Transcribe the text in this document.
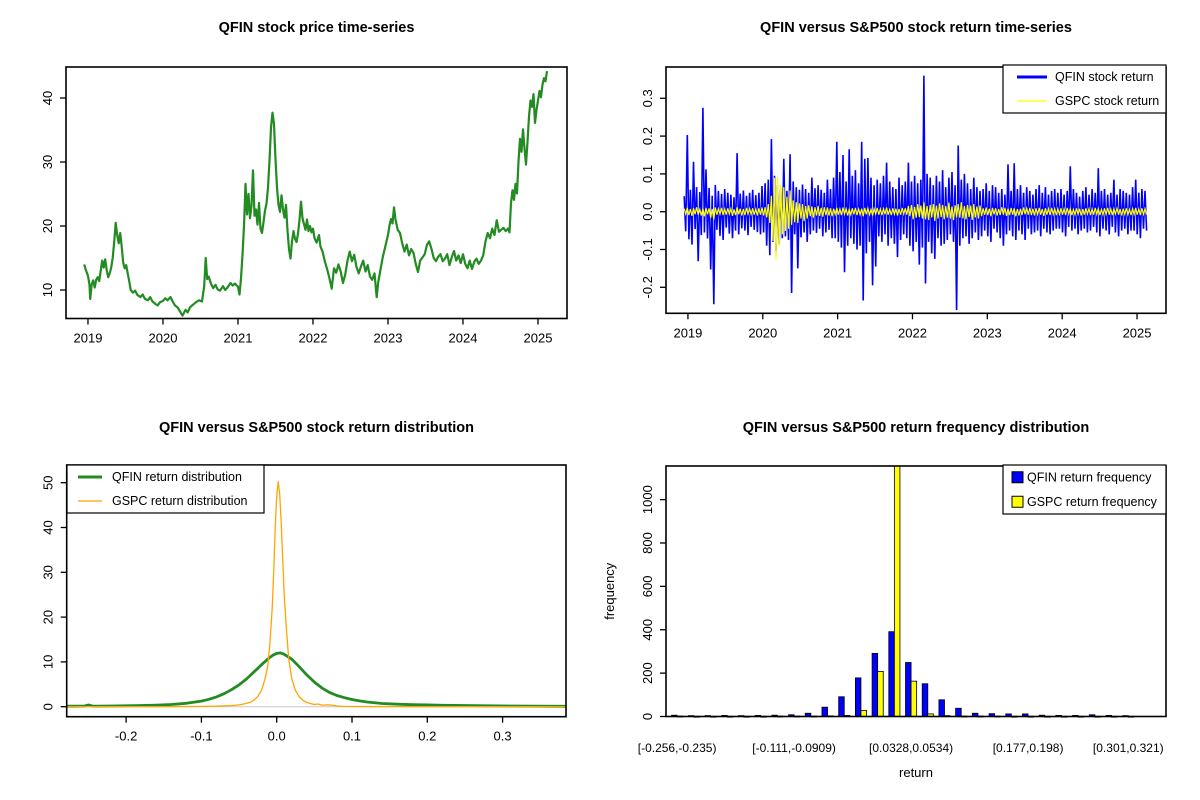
QFIN stock price time-series
2019	2020	2021	2022	2023	2024	2025
10
20
30
40
QFIN versus S&P500 stock return time-series
2019	2020	2021	2022	2023	2024	2025
-0.2
-0.1
0.0
0.1
0.2
0.3
QFIN stock return
GSPC stock return
QFIN versus S&P500 stock return distribution
-0.2	-0.1	0.0	0.1	0.2	0.3
0
10
20
30
40
50	QFIN return distribution
GSPC return distribution
QFIN versus S&P500 return frequency distribution
[-0.256,-0.235)	[-0.111,-0.0909)	[0.0328,0.0534)	[0.177,0.198) [0.301,0.321)
0
200
400
600
800
1000
return
frequency
QFIN return frequency
GSPC return frequency
